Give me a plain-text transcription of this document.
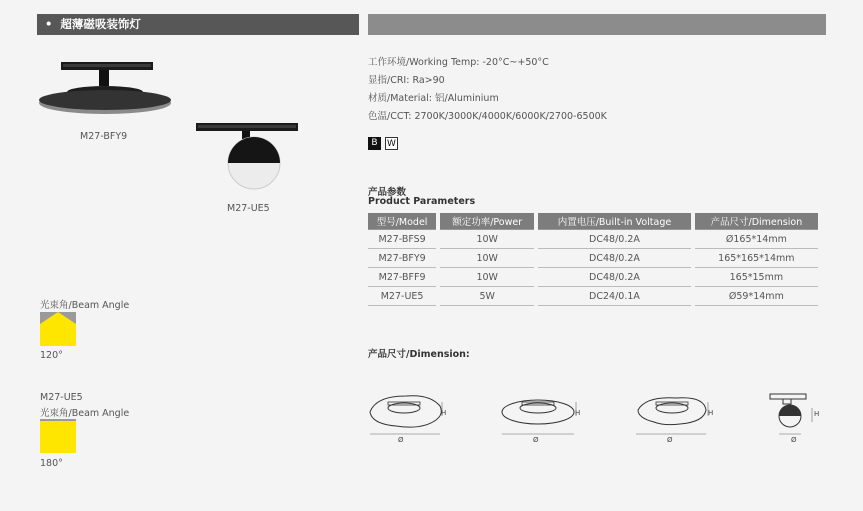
•  超薄磁吸装饰灯
M27-BFY9
M27-UE5
工作环境/Working Temp: -20°C~+50°C
显指/CRI: Ra>90
材质/Material: 铝/Aluminium
色温/CCT: 2700K/3000K/4000K/6000K/2700-6500K
B	W
产品参数
Product Parameters
型号/Model	额定功率/Power	内置电压/Built-in Voltage	产品尺寸/Dimension
M27-BFS9	10W	DC48/0.2A	Ø165*14mm
M27-BFY9	10W	DC48/0.2A	165*165*14mm
M27-BFF9	10W	DC48/0.2A	165*15mm
M27-UE5	5W	DC24/0.1A	Ø59*14mm
光束角/Beam Angle
120°
M27-UE5
光束角/Beam Angle
180°
产品尺寸/Dimension:
Ø	Ø	Ø	Ø
H	H	H	H
